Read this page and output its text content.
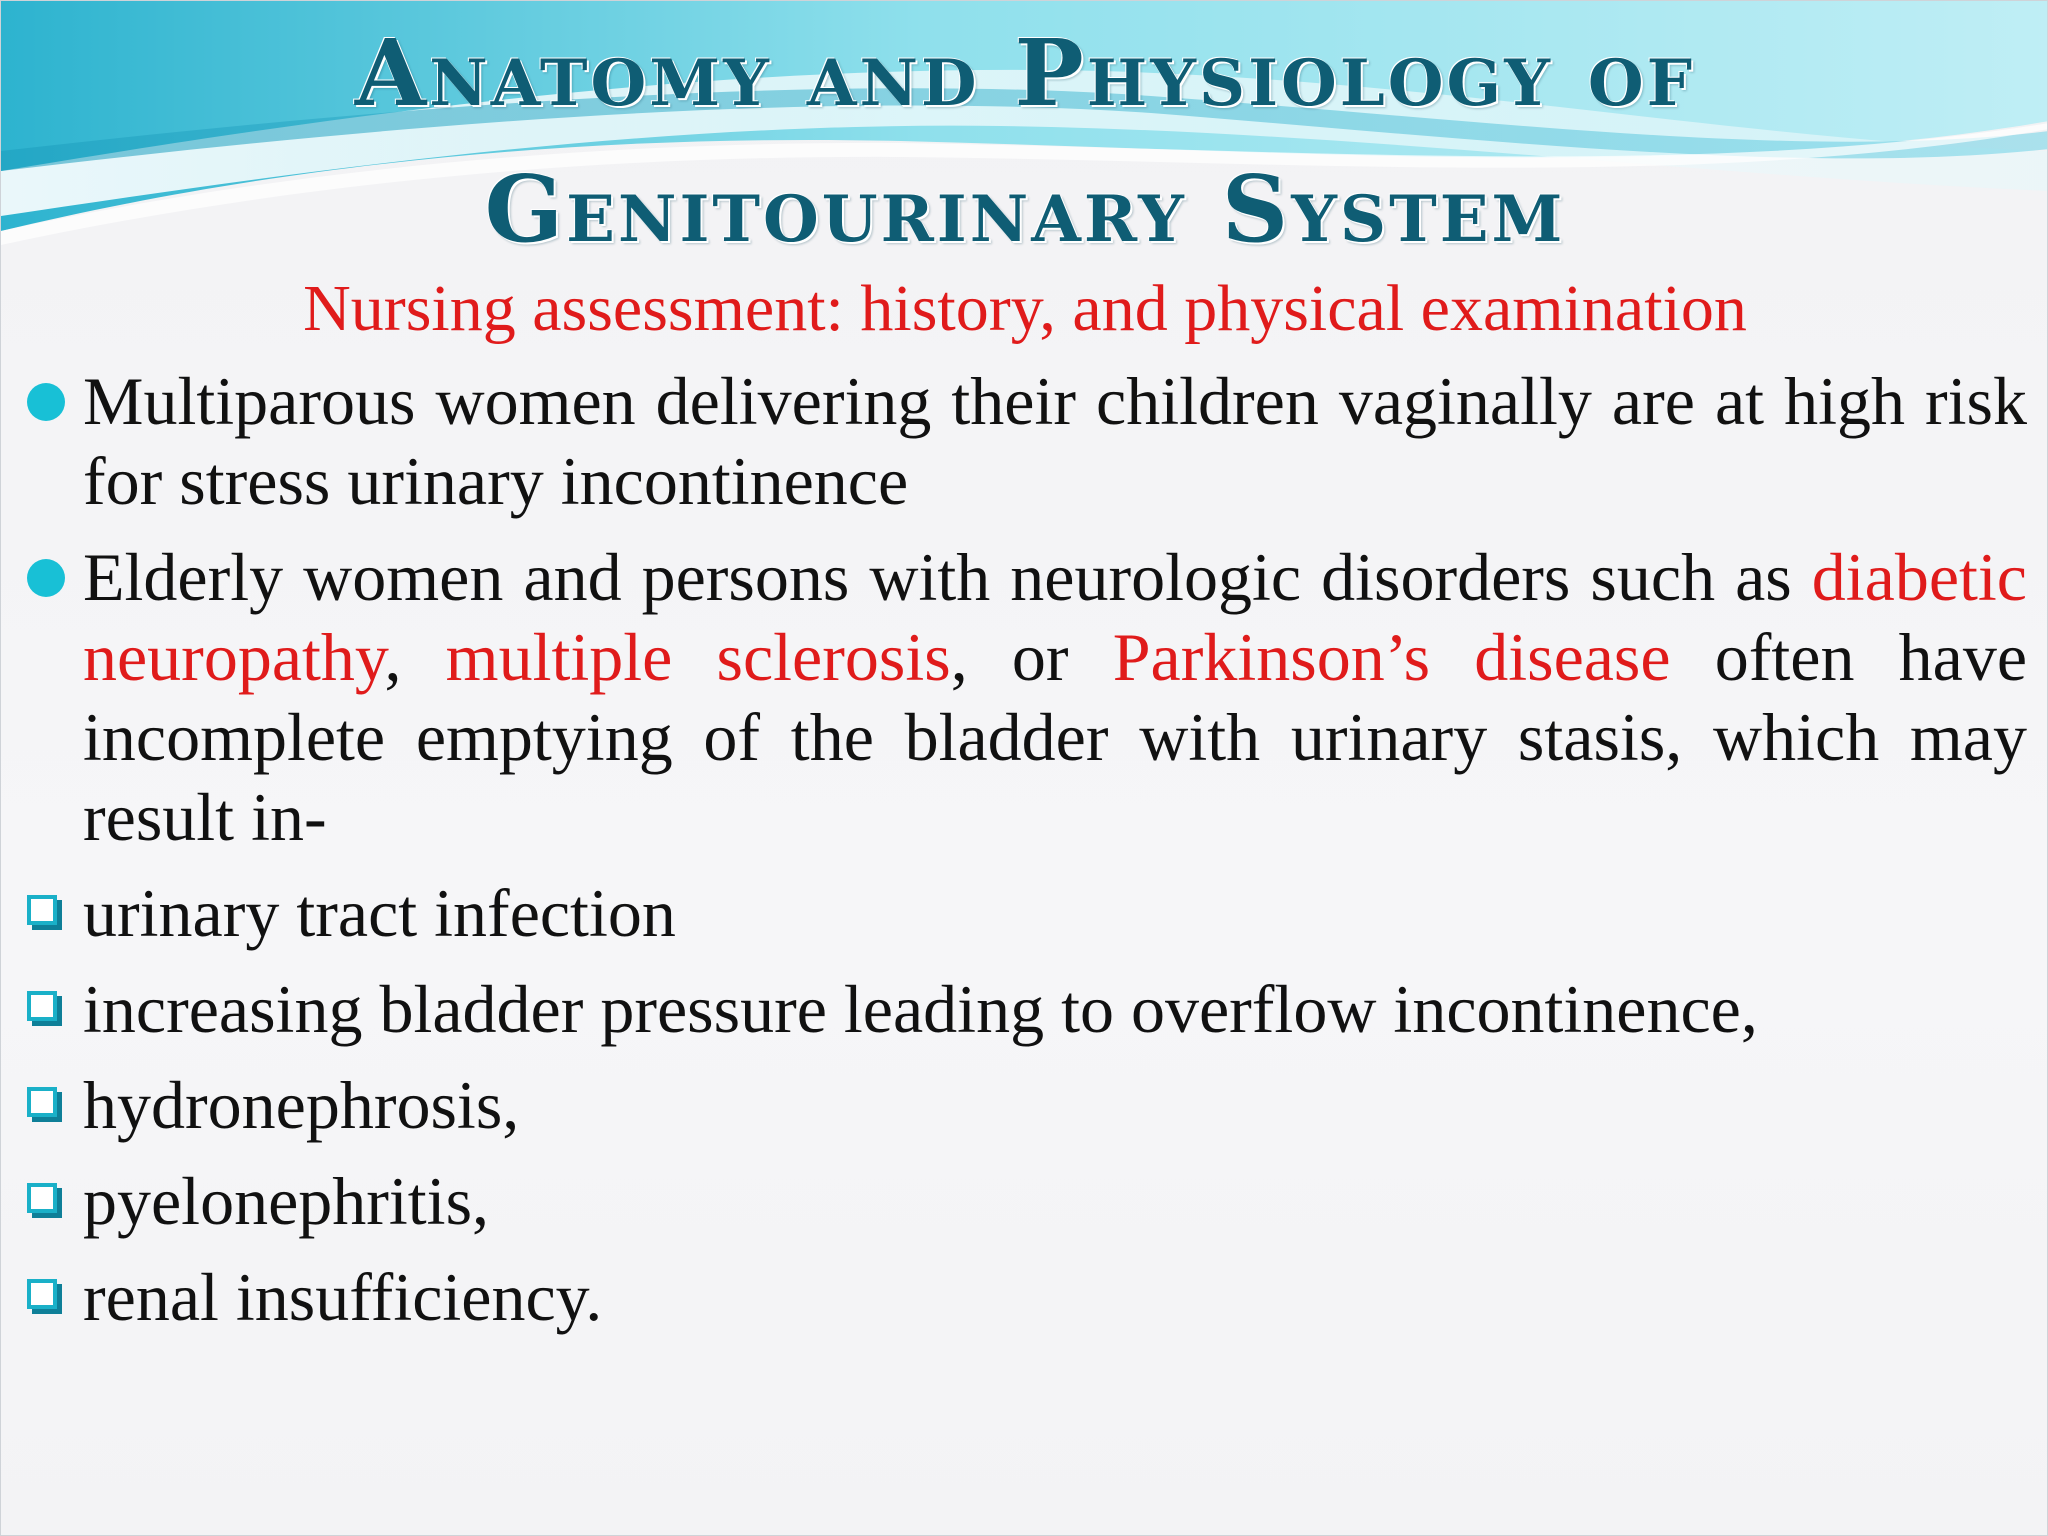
Anatomy and Physiology of
Genitourinary System
Nursing assessment: history, and physical examination
Multiparous women delivering their children vaginally are at high risk for stress urinary incontinence
Elderly women and persons with neurologic disorders such as diabetic neuropathy, multiple sclerosis, or Parkinson’s disease often have incomplete emptying of the bladder with urinary stasis, which may result in-
urinary tract infection
increasing bladder pressure leading to overflow incontinence,
hydronephrosis,
pyelonephritis,
renal insufficiency.
